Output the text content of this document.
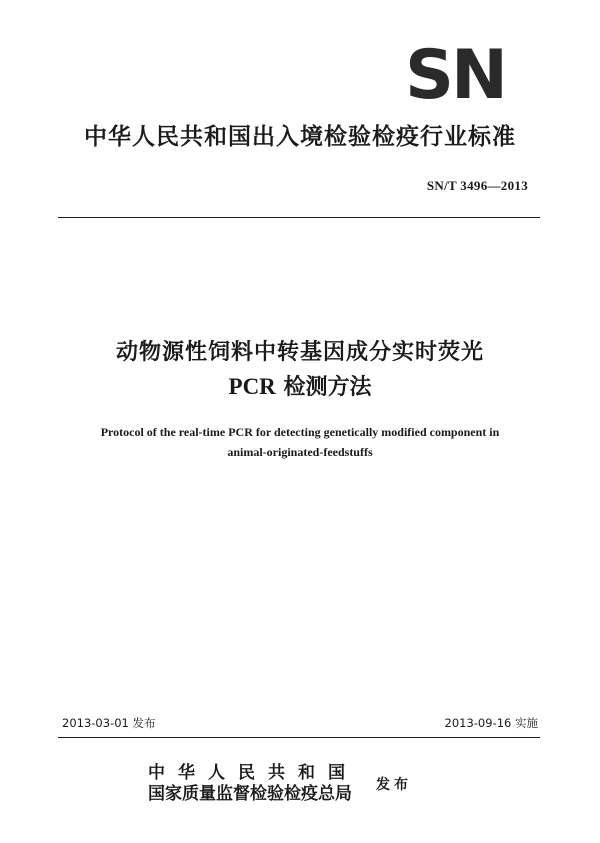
SN
中华人民共和国出入境检验检疫行业标准
SN/T 3496—2013
动物源性饲料中转基因成分实时荧光
PCR 检测方法
Protocol of the real-time PCR for detecting genetically modified component in
animal-originated-feedstuffs
2013-03-01 发布	2013-09-16 实施
中华人民共和国
国家质量监督检验检疫总局	发布
